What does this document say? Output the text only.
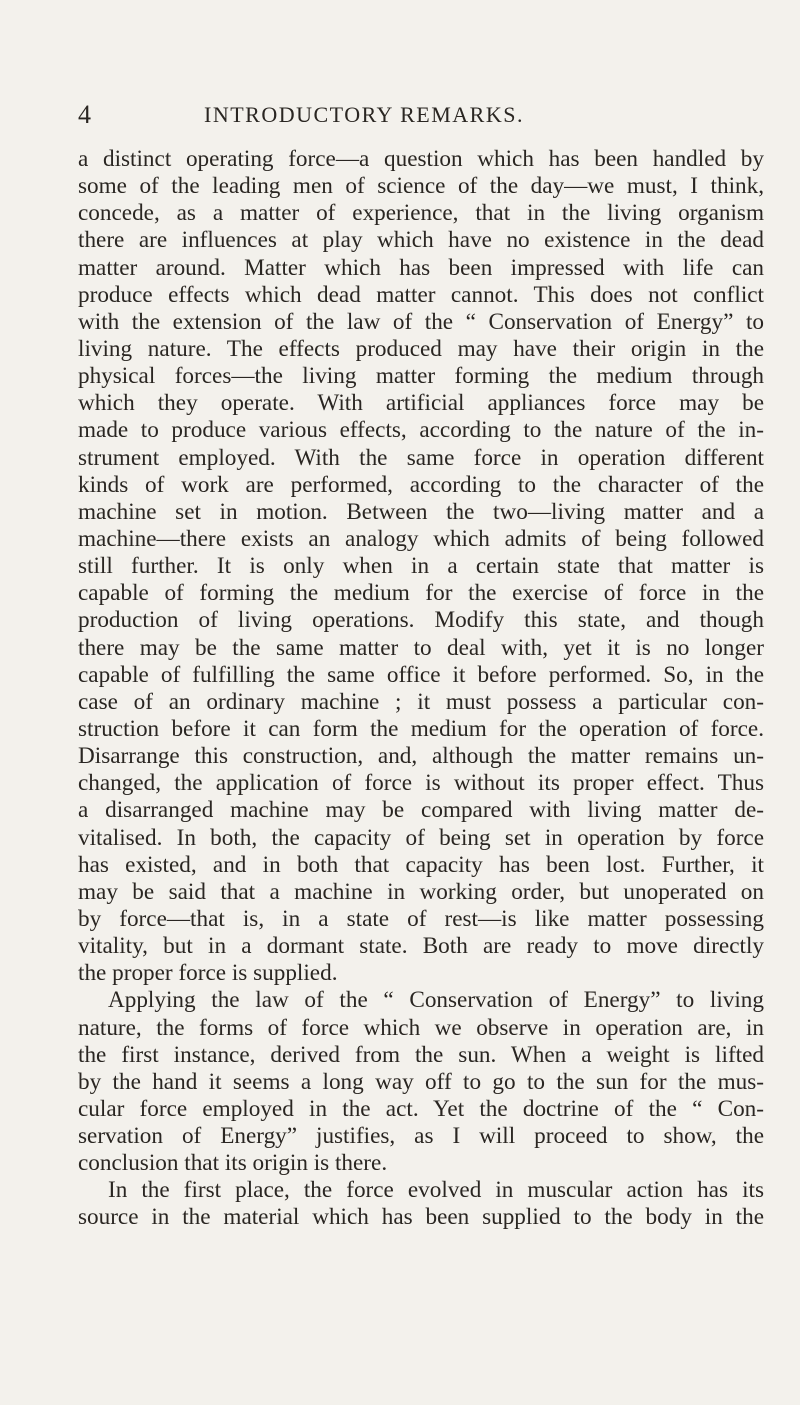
4	INTRODUCTORY REMARKS.
a distinct operating force—a question which has been handled by
some of the leading men of science of the day—we must, I think,
concede, as a matter of experience, that in the living organism
there are influences at play which have no existence in the dead
matter around. Matter which has been impressed with life can
produce effects which dead matter cannot. This does not conflict
with the extension of the law of the “ Conservation of Energy” to
living nature. The effects produced may have their origin in the
physical forces—the living matter forming the medium through
which they operate. With artificial appliances force may be
made to produce various effects, according to the nature of the in-
strument employed. With the same force in operation different
kinds of work are performed, according to the character of the
machine set in motion. Between the two—living matter and a
machine—there exists an analogy which admits of being followed
still further. It is only when in a certain state that matter is
capable of forming the medium for the exercise of force in the
production of living operations. Modify this state, and though
there may be the same matter to deal with, yet it is no longer
capable of fulfilling the same office it before performed. So, in the
case of an ordinary machine ; it must possess a particular con-
struction before it can form the medium for the operation of force.
Disarrange this construction, and, although the matter remains un-
changed, the application of force is without its proper effect. Thus
a disarranged machine may be compared with living matter de-
vitalised. In both, the capacity of being set in operation by force
has existed, and in both that capacity has been lost. Further, it
may be said that a machine in working order, but unoperated on
by force—that is, in a state of rest—is like matter possessing
vitality, but in a dormant state. Both are ready to move directly
the proper force is supplied.
Applying the law of the “ Conservation of Energy” to living
nature, the forms of force which we observe in operation are, in
the first instance, derived from the sun. When a weight is lifted
by the hand it seems a long way off to go to the sun for the mus-
cular force employed in the act. Yet the doctrine of the “ Con-
servation of Energy” justifies, as I will proceed to show, the
conclusion that its origin is there.
In the first place, the force evolved in muscular action has its
source in the material which has been supplied to the body in the
